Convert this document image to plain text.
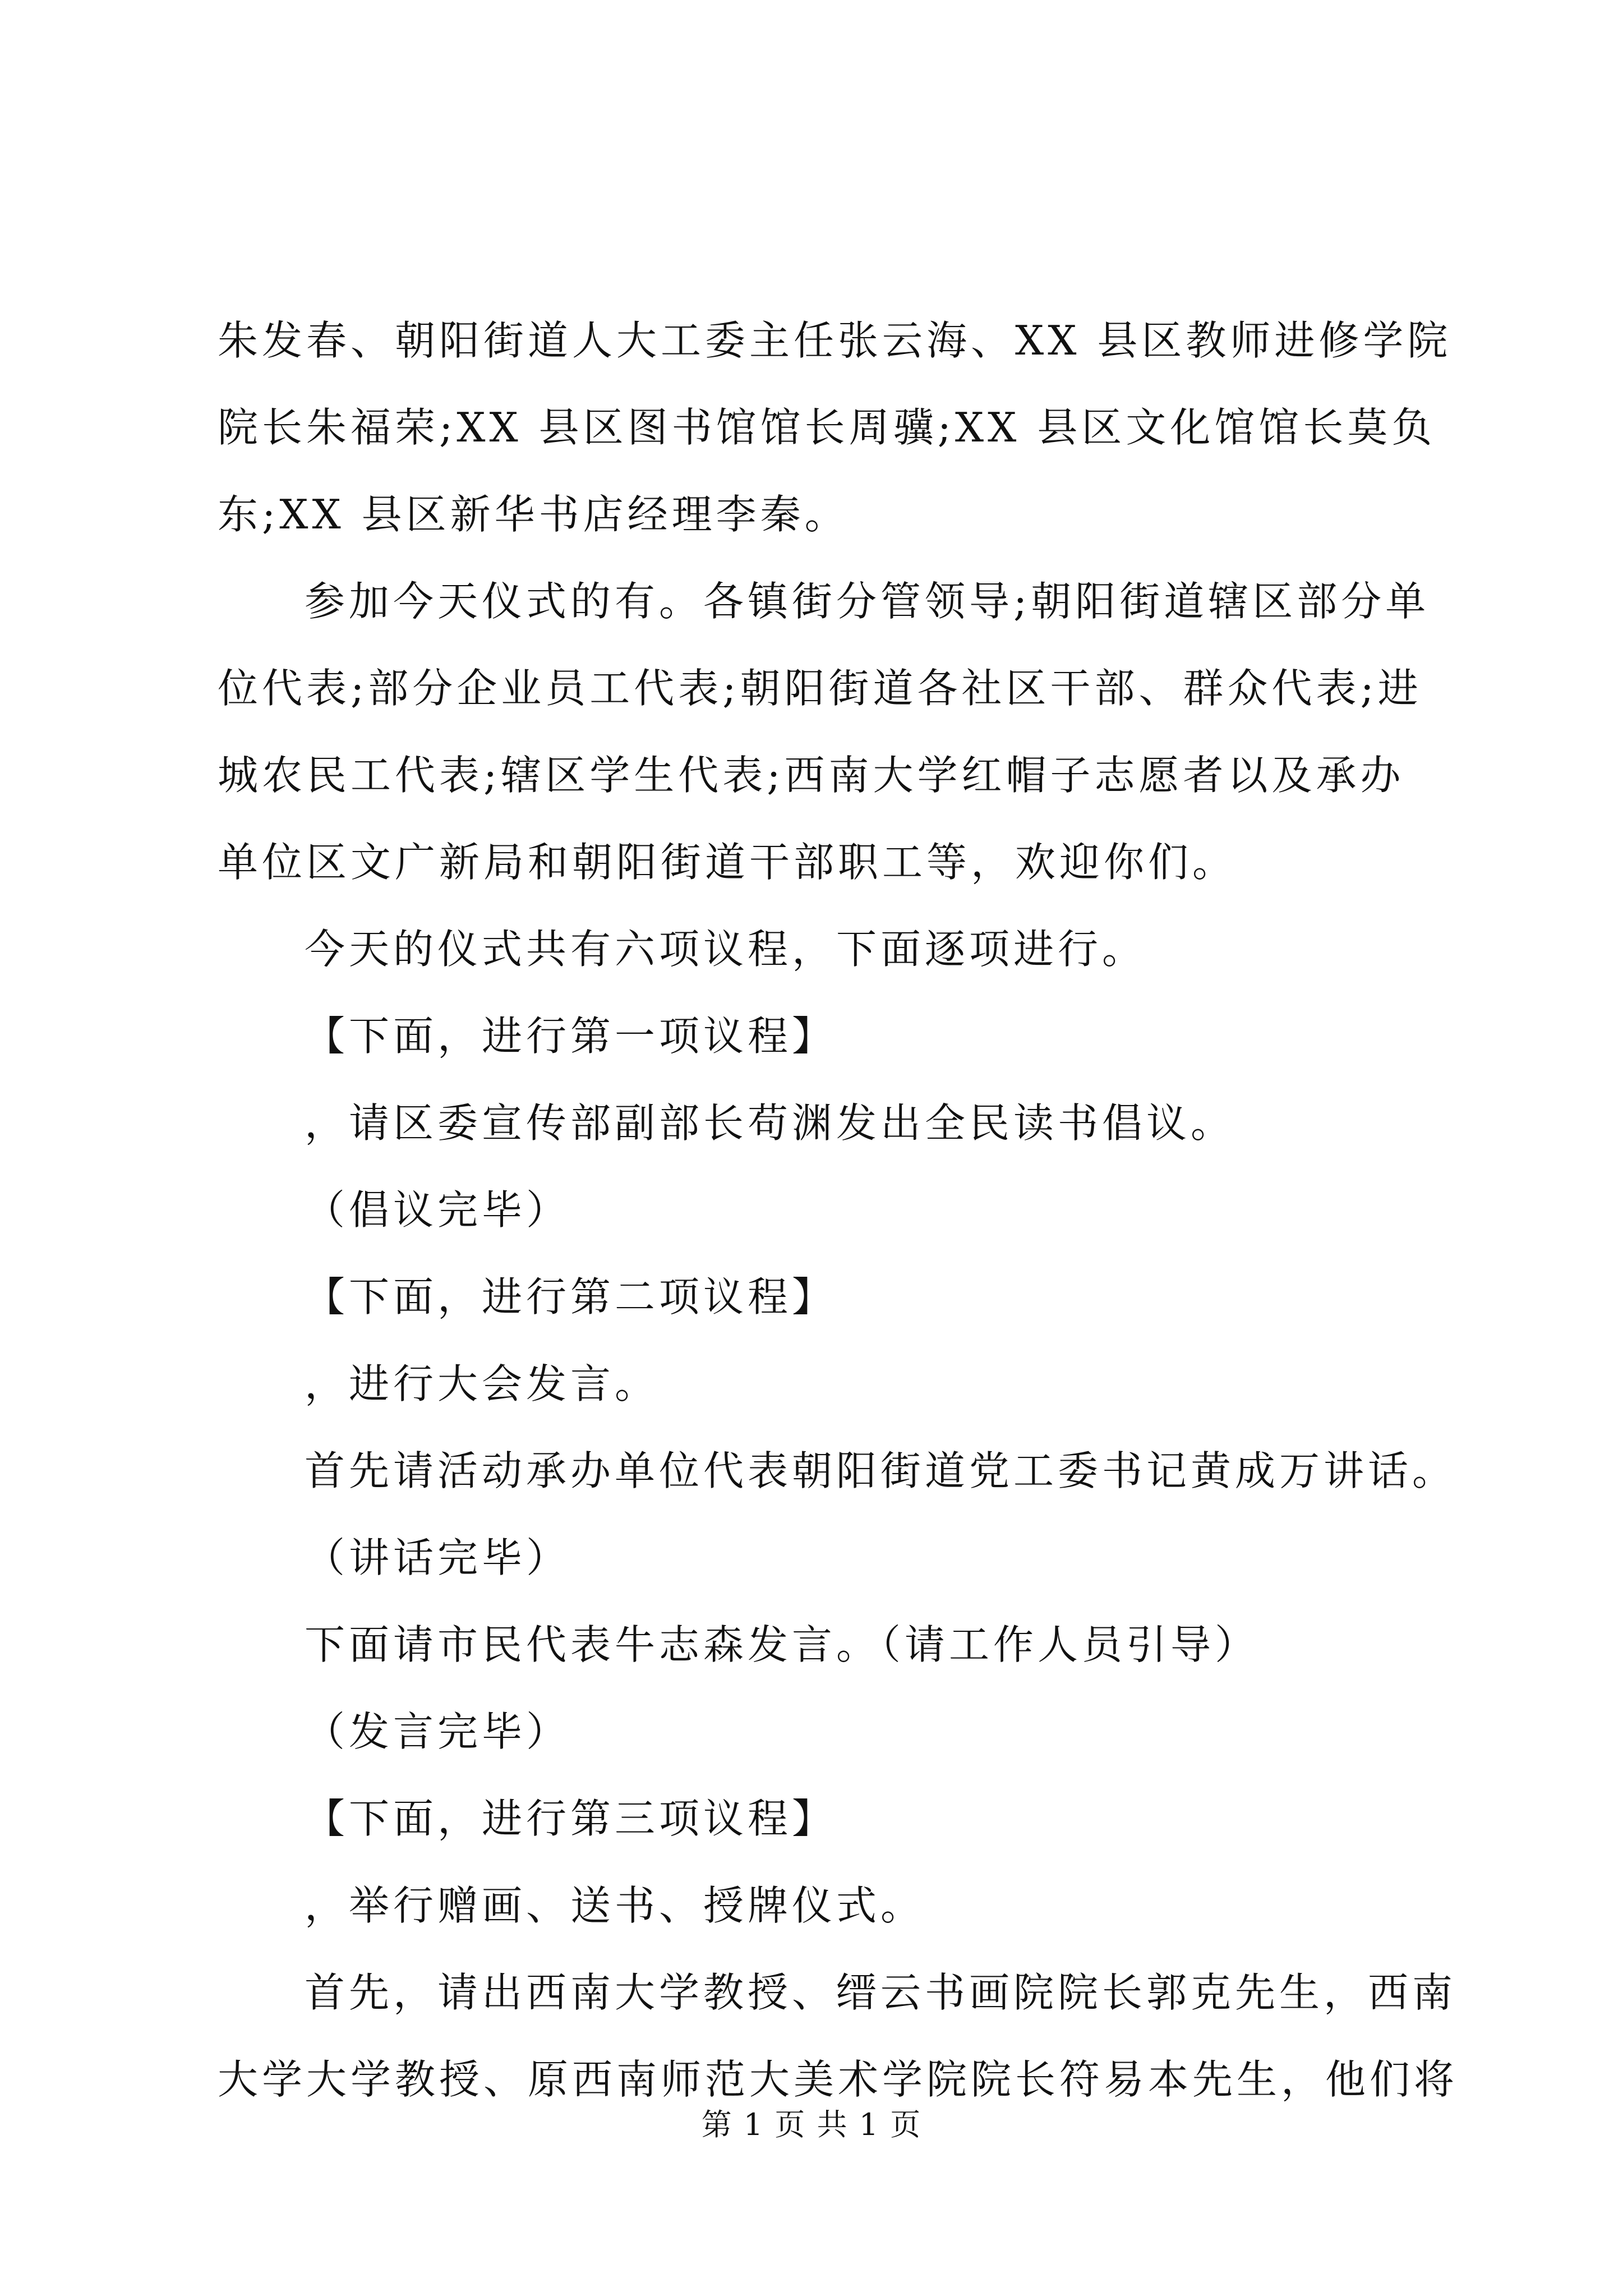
朱发春、朝阳街道人大工委主任张云海、XX 县区教师进修学院

院长朱福荣;XX 县区图书馆馆长周骥;XX 县区文化馆馆长莫负

东;XX 县区新华书店经理李秦。

参加今天仪式的有。各镇街分管领导;朝阳街道辖区部分单

位代表;部分企业员工代表;朝阳街道各社区干部、群众代表;进

城农民工代表;辖区学生代表;西南大学红帽子志愿者以及承办

单位区文广新局和朝阳街道干部职工等，欢迎你们。

今天的仪式共有六项议程，下面逐项进行。

【下面，进行第一项议程】

，请区委宣传部副部长苟渊发出全民读书倡议。

（倡议完毕）

【下面，进行第二项议程】

，进行大会发言。

首先请活动承办单位代表朝阳街道党工委书记黄成万讲话。

（讲话完毕）

下面请市民代表牛志森发言。（请工作人员引导）

（发言完毕）

【下面，进行第三项议程】

，举行赠画、送书、授牌仪式。

首先，请出西南大学教授、缙云书画院院长郭克先生，西南

大学大学教授、原西南师范大美术学院院长符易本先生，他们将

第 1 页 共 1 页
